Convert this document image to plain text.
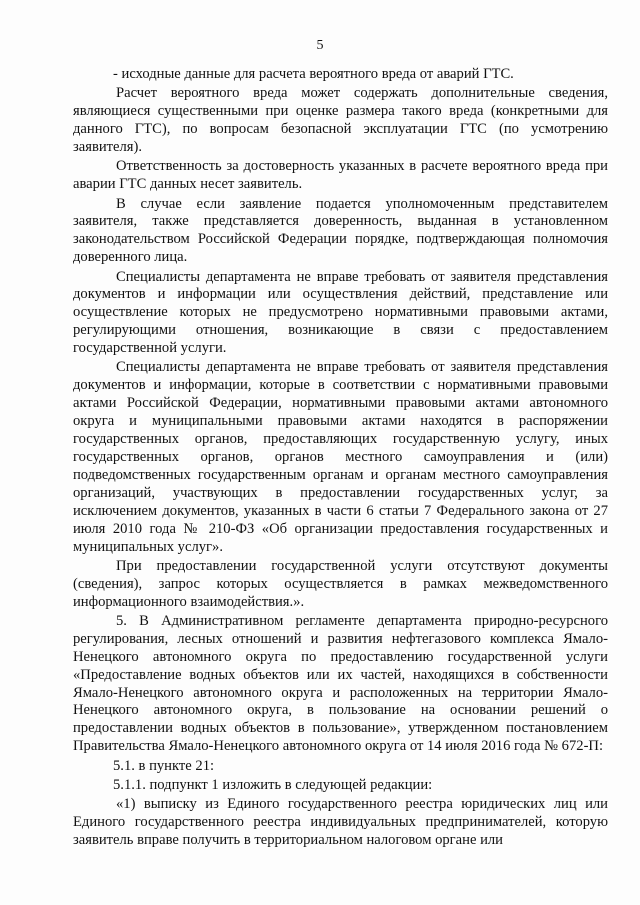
5

- исходные данные для расчета вероятного вреда от аварий ГТС.

Расчет вероятного вреда может содержать дополнительные сведения, являющиеся существенными при оценке размера такого вреда (конкретными для данного ГТС), по вопросам безопасной эксплуатации ГТС (по усмотрению заявителя).

Ответственность за достоверность указанных в расчете вероятного вреда при аварии ГТС данных несет заявитель.

В случае если заявление подается уполномоченным представителем заявителя, также представляется доверенность, выданная в установленном законодательством Российской Федерации порядке, подтверждающая полномочия доверенного лица.

Специалисты департамента не вправе требовать от заявителя представления документов и информации или осуществления действий, представление или осуществление которых не предусмотрено нормативными правовыми актами, регулирующими отношения, возникающие в связи с предоставлением государственной услуги.

Специалисты департамента не вправе требовать от заявителя представления документов и информации, которые в соответствии с нормативными правовыми актами Российской Федерации, нормативными правовыми актами автономного округа и муниципальными правовыми актами находятся в распоряжении государственных органов, предоставляющих государственную услугу, иных государственных органов, органов местного самоуправления и (или) подведомственных государственным органам и органам местного самоуправления организаций, участвующих в предоставлении государственных услуг, за исключением документов, указанных в части 6 статьи 7 Федерального закона от 27 июля 2010 года № 210-ФЗ «Об организации предоставления государственных и муниципальных услуг».

При предоставлении государственной услуги отсутствуют документы (сведения), запрос которых осуществляется в рамках межведомственного информационного взаимодействия.».

5. В Административном регламенте департамента природно-ресурсного регулирования, лесных отношений и развития нефтегазового комплекса Ямало-Ненецкого автономного округа по предоставлению государственной услуги «Предоставление водных объектов или их частей, находящихся в собственности Ямало-Ненецкого автономного округа и расположенных на территории Ямало-Ненецкого автономного округа, в пользование на основании решений о предоставлении водных объектов в пользование», утвержденном постановлением Правительства Ямало-Ненецкого автономного округа от 14 июля 2016 года № 672-П:

5.1. в пункте 21:

5.1.1. подпункт 1 изложить в следующей редакции:

«1) выписку из Единого государственного реестра юридических лиц или Единого государственного реестра индивидуальных предпринимателей, которую заявитель вправе получить в территориальном налоговом органе или
